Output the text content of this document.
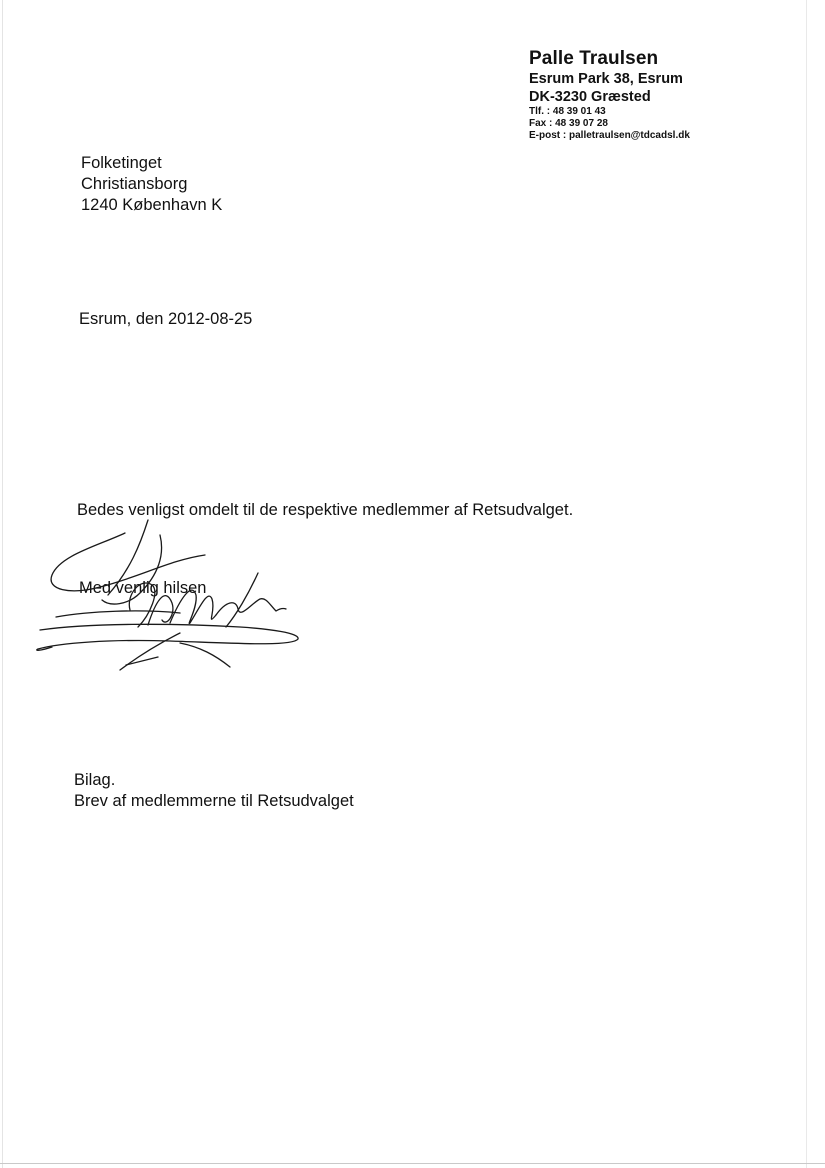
Palle Traulsen
Esrum Park 38, Esrum
DK-3230 Græsted
Tlf. : 48 39 01 43
Fax : 48 39 07 28
E-post : palletraulsen@tdcadsl.dk
Folketinget
Christiansborg
1240 København K
Esrum, den 2012-08-25
Bedes venligst omdelt til de respektive medlemmer af Retsudvalget.
Med venlig hilsen
Bilag.
Brev af medlemmerne til Retsudvalget
